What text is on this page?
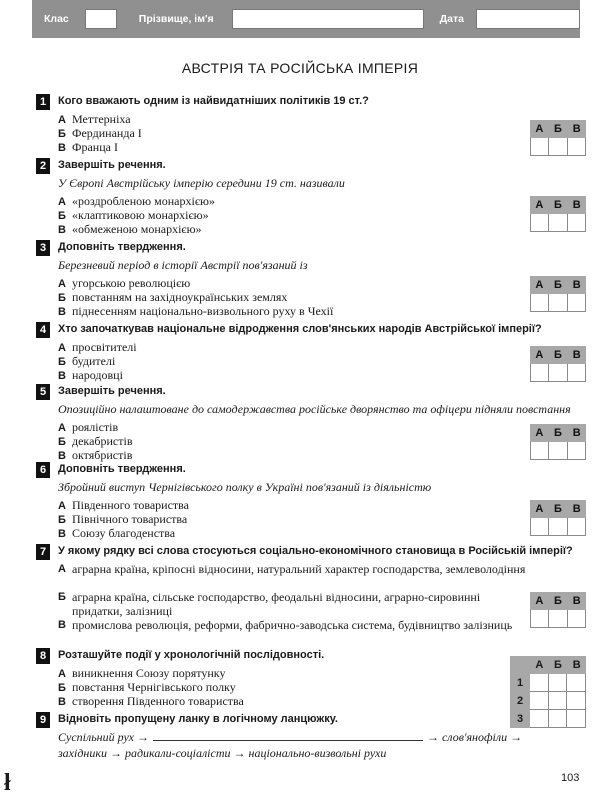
Клас	Прізвище, ім'я	Дата
АВСТРІЯ ТА РОСІЙСЬКА ІМПЕРІЯ
1	Кого вважають одним із найвидатніших політиків 19 ст.?
А Меттерніха
Б Фердинанда І
В Франца І
А Б В
2	Завершіть речення.
У Європі Австрійську імперію середини 19 ст. називали
А «роздробленою монархією»
Б «клаптиковою монархією»
В «обмеженою монархією»
А Б В
3	Доповніть твердження.
Березневий період в історії Австрії пов'язаний із
А угорською революцією
Б повстанням на західноукраїнських землях
В піднесенням національно-визвольного руху в Чехії
А Б В
4	Хто започаткував національне відродження слов'янських народів Австрійської імперії?
А просвітителі
Б будителі
В народовці
А Б В
5	Завершіть речення.
Опозиційно налаштоване до самодержавства російське дворянство та офіцери підняли повстання
А роялістів
Б декабристів
В октябристів
А Б В
6	Доповніть твердження.
Збройний виступ Чернігівського полку в Україні пов'язаний із діяльністю
А Південного товариства
Б Північного товариства
В Союзу благоденства
А Б В
7	У якому рядку всі слова стосуються соціально-економічного становища в Російській імперії?
А аграрна країна, кріпосні відносини, натуральний характер господарства, землеволодіння
Б аграрна країна, сільське господарство, феодальні відносини, аграрно-сировинні придатки, залізниці
В промислова революція, реформи, фабрично-заводська система, будівництво залізниць
А Б В
8	Розташуйте події у хронологічній послідовності.
А виникнення Союзу порятунку
Б повстання Чернігівського полку
В створення Південного товариства
А Б В
1
2
3
9	Відновіть пропущену ланку в логічному ланцюжку.
Суспільний рух →	→ слов'янофіли →
західники → радикали-соціалісти → національно-визвольні рухи
103
ł
